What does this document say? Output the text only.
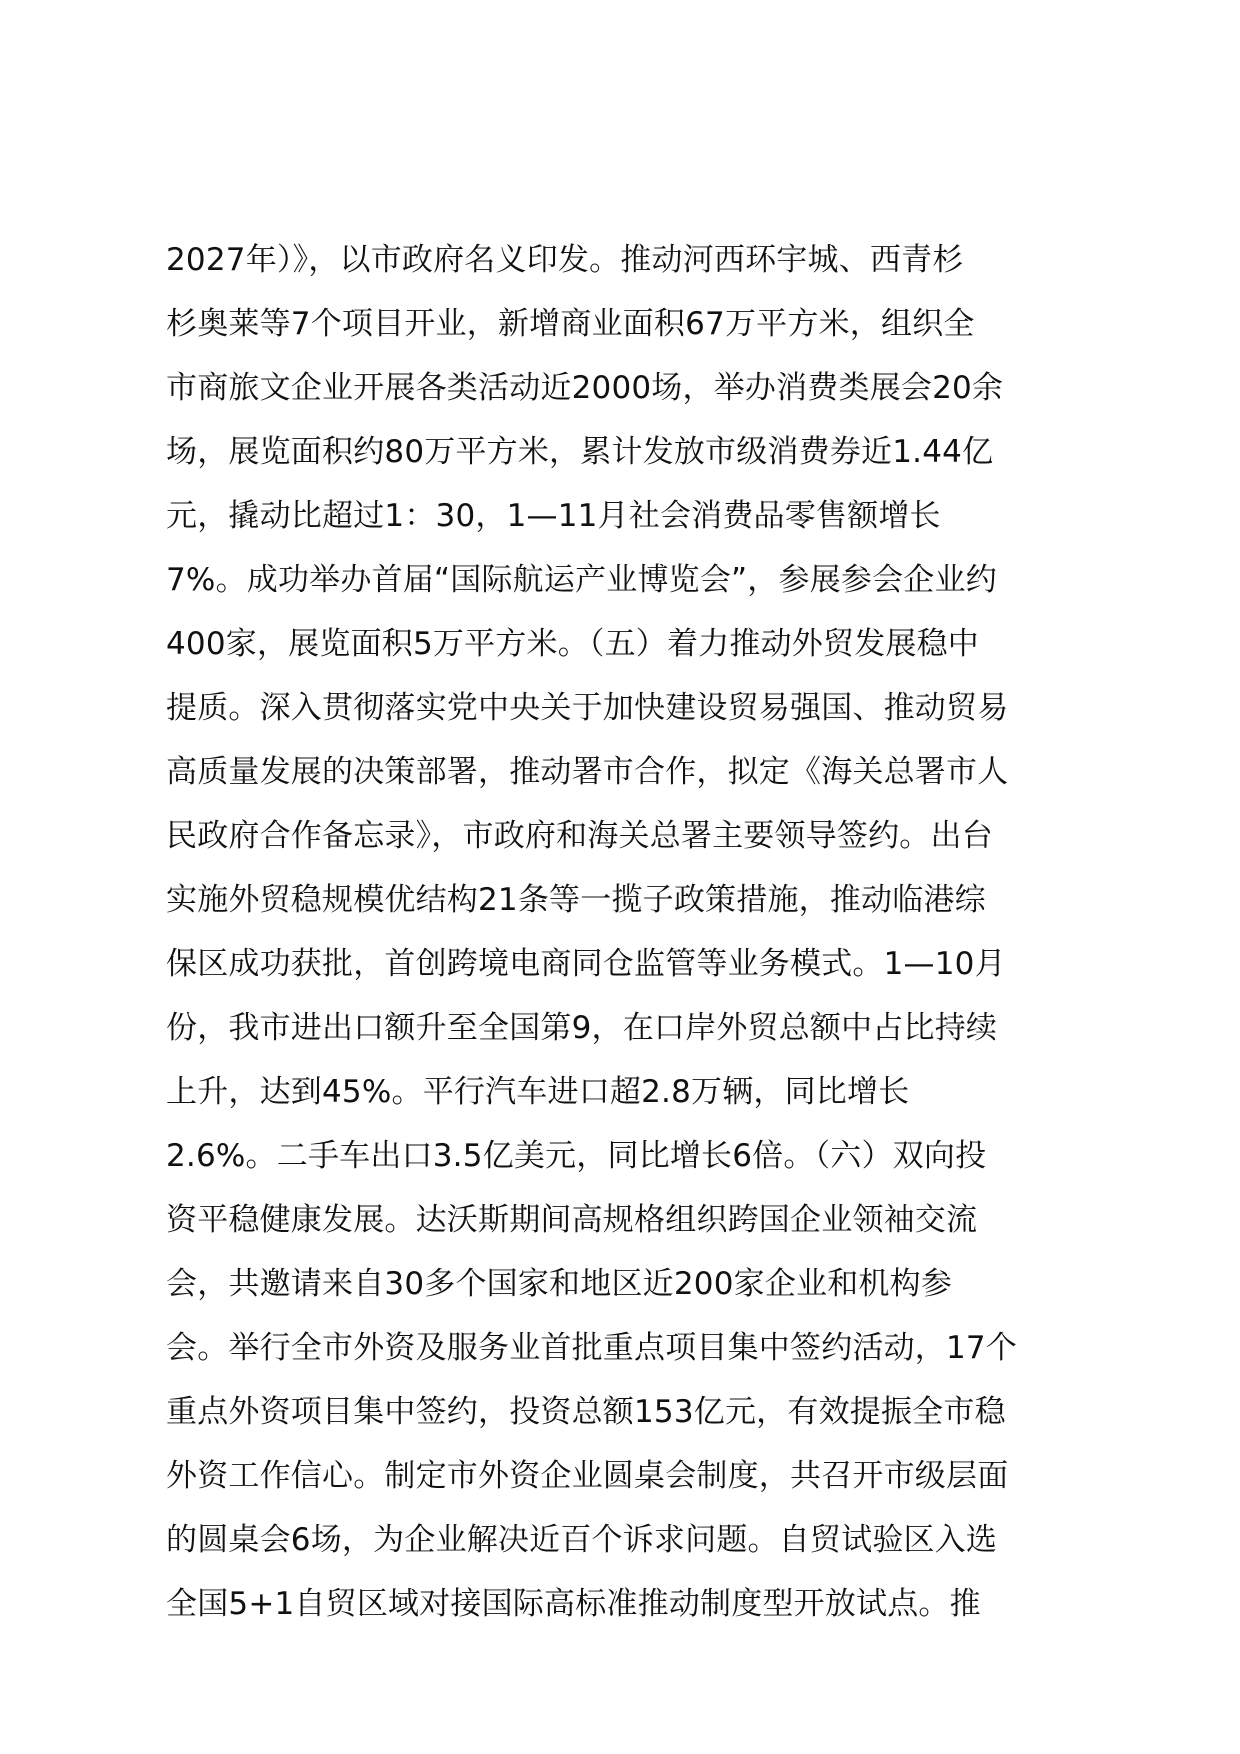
2027年）》，以市政府名义印发。推动河西环宇城、西青杉
杉奥莱等7个项目开业，新增商业面积67万平方米，组织全
市商旅文企业开展各类活动近2000场，举办消费类展会20余
场，展览面积约80万平方米，累计发放市级消费券近1.44亿
元，撬动比超过1：30，1—11月社会消费品零售额增长
7%。成功举办首届“国际航运产业博览会”，参展参会企业约
400家，展览面积5万平方米。（五）着力推动外贸发展稳中
提质。深入贯彻落实党中央关于加快建设贸易强国、推动贸易
高质量发展的决策部署，推动署市合作，拟定《海关总署市人
民政府合作备忘录》，市政府和海关总署主要领导签约。出台
实施外贸稳规模优结构21条等一揽子政策措施，推动临港综
保区成功获批，首创跨境电商同仓监管等业务模式。1—10月
份，我市进出口额升至全国第9，在口岸外贸总额中占比持续
上升，达到45%。平行汽车进口超2.8万辆，同比增长
2.6%。二手车出口3.5亿美元，同比增长6倍。（六）双向投
资平稳健康发展。达沃斯期间高规格组织跨国企业领袖交流
会，共邀请来自30多个国家和地区近200家企业和机构参
会。举行全市外资及服务业首批重点项目集中签约活动，17个
重点外资项目集中签约，投资总额153亿元，有效提振全市稳
外资工作信心。制定市外资企业圆桌会制度，共召开市级层面
的圆桌会6场，为企业解决近百个诉求问题。自贸试验区入选
全国5+1自贸区域对接国际高标准推动制度型开放试点。推
